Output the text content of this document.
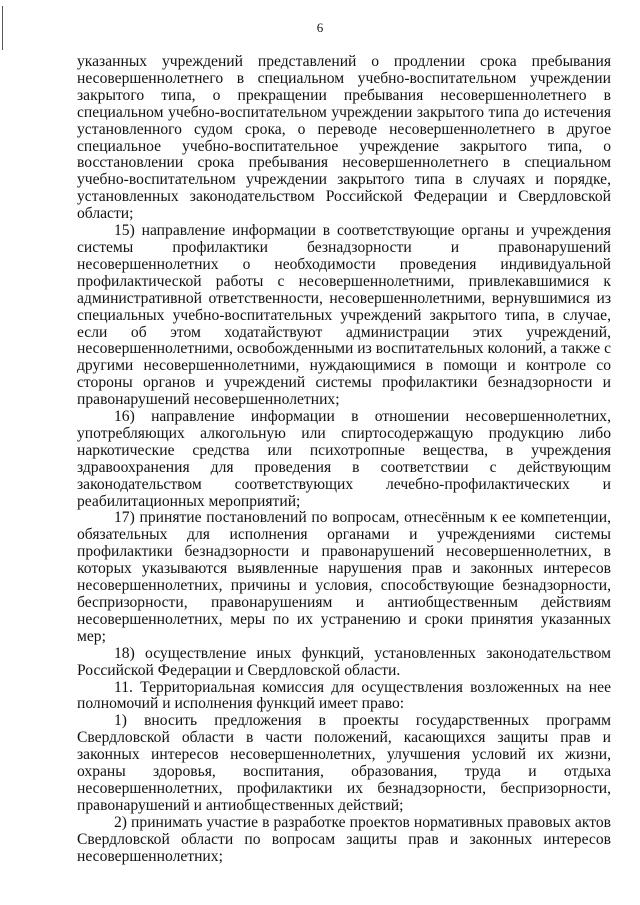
6

указанных учреждений представлений о продлении срока пребывания несовершеннолетнего в специальном учебно-воспитательном учреждении закрытого типа, о прекращении пребывания несовершеннолетнего в специальном учебно-воспитательном учреждении закрытого типа до истечения установленного судом срока, о переводе несовершеннолетнего в другое специальное учебно-воспитательное учреждение закрытого типа, о восстановлении срока пребывания несовершеннолетнего в специальном учебно-воспитательном учреждении закрытого типа в случаях и порядке, установленных законодательством Российской Федерации и Свердловской области;

15) направление информации в соответствующие органы и учреждения системы профилактики безнадзорности и правонарушений несовершеннолетних о необходимости проведения индивидуальной профилактической работы с несовершеннолетними, привлекавшимися к административной ответственности, несовершеннолетними, вернувшимися из специальных учебно-воспитательных учреждений закрытого типа, в случае, если об этом ходатайствуют администрации этих учреждений, несовершеннолетними, освобожденными из воспитательных колоний, а также с другими несовершеннолетними, нуждающимися в помощи и контроле со стороны органов и учреждений системы профилактики безнадзорности и правонарушений несовершеннолетних;

16) направление информации в отношении несовершеннолетних, употребляющих алкогольную или спиртосодержащую продукцию либо наркотические средства или психотропные вещества, в учреждения здравоохранения для проведения в соответствии с действующим законодательством соответствующих лечебно-профилактических и реабилитационных мероприятий;

17) принятие постановлений по вопросам, отнесённым к ее компетенции, обязательных для исполнения органами и учреждениями системы профилактики безнадзорности и правонарушений несовершеннолетних, в которых указываются выявленные нарушения прав и законных интересов несовершеннолетних, причины и условия, способствующие безнадзорности, беспризорности, правонарушениям и антиобщественным действиям несовершеннолетних, меры по их устранению и сроки принятия указанных мер;

18) осуществление иных функций, установленных законодательством Российской Федерации и Свердловской области.

11. Территориальная комиссия для осуществления возложенных на нее полномочий и исполнения функций имеет право:

1) вносить предложения в проекты государственных программ Свердловской области в части положений, касающихся защиты прав и законных интересов несовершеннолетних, улучшения условий их жизни, охраны здоровья, воспитания, образования, труда и отдыха несовершеннолетних, профилактики их безнадзорности, беспризорности, правонарушений и антиобщественных действий;

2) принимать участие в разработке проектов нормативных правовых актов Свердловской области по вопросам защиты прав и законных интересов несовершеннолетних;
